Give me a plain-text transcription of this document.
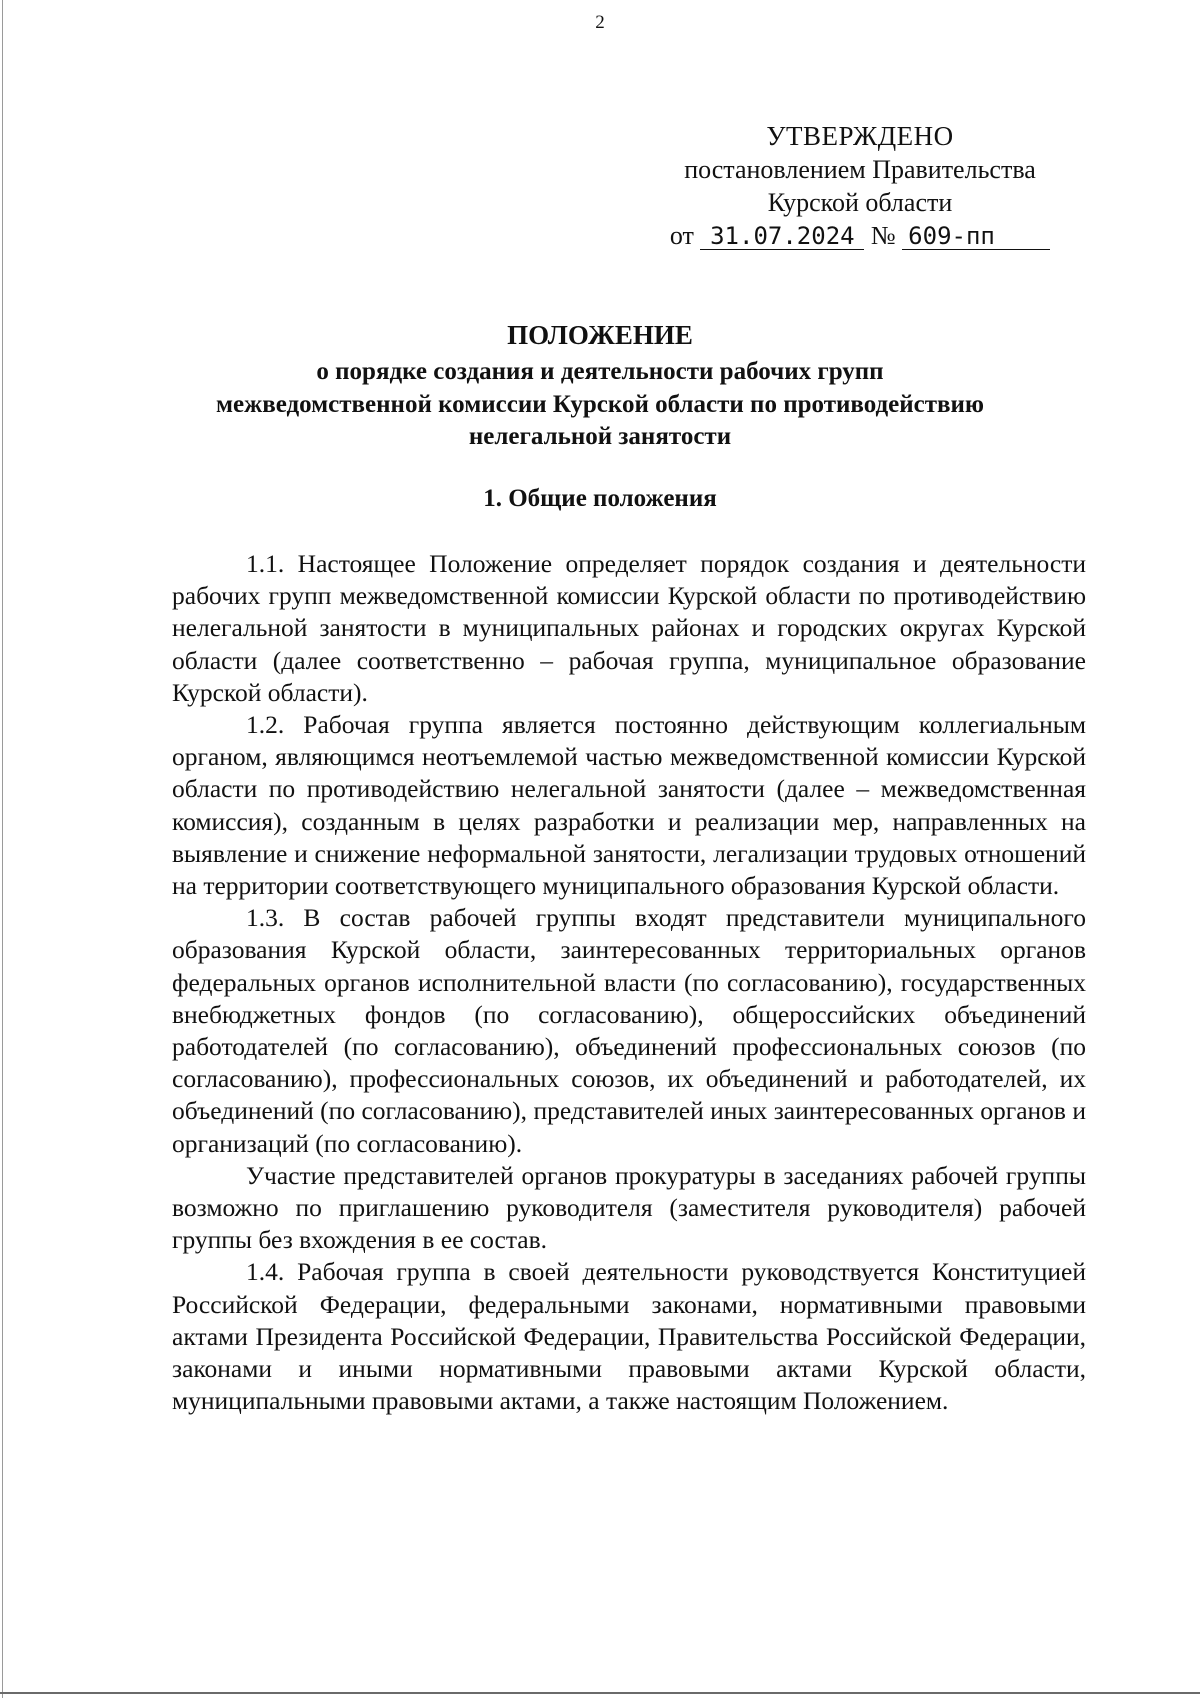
2
УТВЕРЖДЕНО
постановлением Правительства
Курской области
от 31.07.2024 № 609-пп
ПОЛОЖЕНИЕ
о порядке создания и деятельности рабочих групп
межведомственной комиссии Курской области по противодействию
нелегальной занятости
1. Общие положения

1.1. Настоящее Положение определяет порядок создания и деятельности рабочих групп межведомственной комиссии Курской области по противодействию нелегальной занятости в муниципальных районах и городских округах Курской области (далее соответственно – рабочая группа, муниципальное образование Курской области).

1.2. Рабочая группа является постоянно действующим коллегиальным органом, являющимся неотъемлемой частью межведомственной комиссии Курской области по противодействию нелегальной занятости (далее – межведомственная комиссия), созданным в целях разработки и реализации мер, направленных на выявление и снижение неформальной занятости, легализации трудовых отношений на территории соответствующего муниципального образования Курской области.

1.3. В состав рабочей группы входят представители муниципального образования Курской области, заинтересованных территориальных органов федеральных органов исполнительной власти (по согласованию), государственных внебюджетных фондов (по согласованию), общероссийских объединений работодателей (по согласованию), объединений профессиональных союзов (по согласованию), профессиональных союзов, их объединений и работодателей, их объединений (по согласованию), представителей иных заинтересованных органов и организаций (по согласованию).

Участие представителей органов прокуратуры в заседаниях рабочей группы возможно по приглашению руководителя (заместителя руководителя) рабочей группы без вхождения в ее состав.

1.4. Рабочая группа в своей деятельности руководствуется Конституцией Российской Федерации, федеральными законами, нормативными правовыми актами Президента Российской Федерации, Правительства Российской Федерации, законами и иными нормативными правовыми актами Курской области, муниципальными правовыми актами, а также настоящим Положением.
